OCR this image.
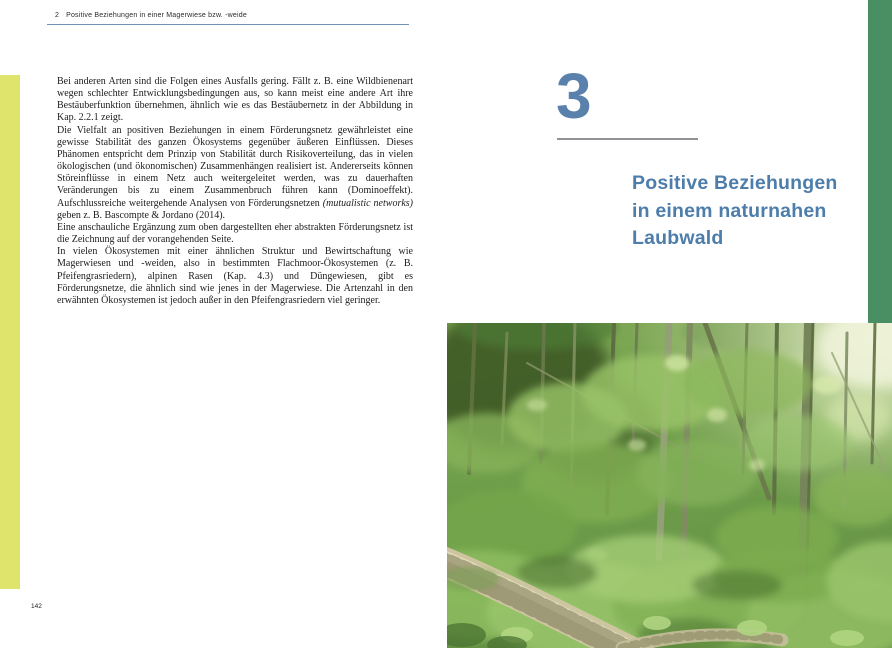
2 Positive Beziehungen in einer Magerwiese bzw. -weide

Bei anderen Arten sind die Folgen eines Ausfalls gering. Fällt z. B. eine Wildbienenart wegen schlechter Entwicklungsbedingungen aus, so kann meist eine andere Art ihre Bestäuberfunktion übernehmen, ähnlich wie es das Bestäubernetz in der Abbildung in Kap. 2.2.1 zeigt.

Die Vielfalt an positiven Beziehungen in einem Förderungsnetz gewährleistet eine gewisse Stabilität des ganzen Ökosystems gegenüber äußeren Einflüssen. Dieses Phänomen entspricht dem Prinzip von Stabilität durch Risikoverteilung, das in vielen ökologischen (und ökonomischen) Zusammenhängen realisiert ist. Andererseits können Störeinflüsse in einem Netz auch weitergeleitet werden, was zu dauerhaften Veränderungen bis zu einem Zusammenbruch führen kann (Dominoeffekt). Aufschlussreiche weitergehende Analysen von Förderungsnetzen (mutualistic networks) geben z. B. Bascompte & Jordano (2014).

Eine anschauliche Ergänzung zum oben dargestellten eher abstrakten Förderungsnetz ist die Zeichnung auf der vorangehenden Seite.

In vielen Ökosystemen mit einer ähnlichen Struktur und Bewirtschaftung wie Magerwiesen und -weiden, also in bestimmten Flachmoor-Ökosystemen (z. B. Pfeifengrasriedern), alpinen Rasen (Kap. 4.3) und Düngewiesen, gibt es Förderungsnetze, die ähnlich sind wie jenes in der Magerwiese. Die Artenzahl in den erwähnten Ökosystemen ist jedoch außer in den Pfeifengrasriedern viel geringer.

142
3
Positive Beziehungen
in einem naturnahen
Laubwald
